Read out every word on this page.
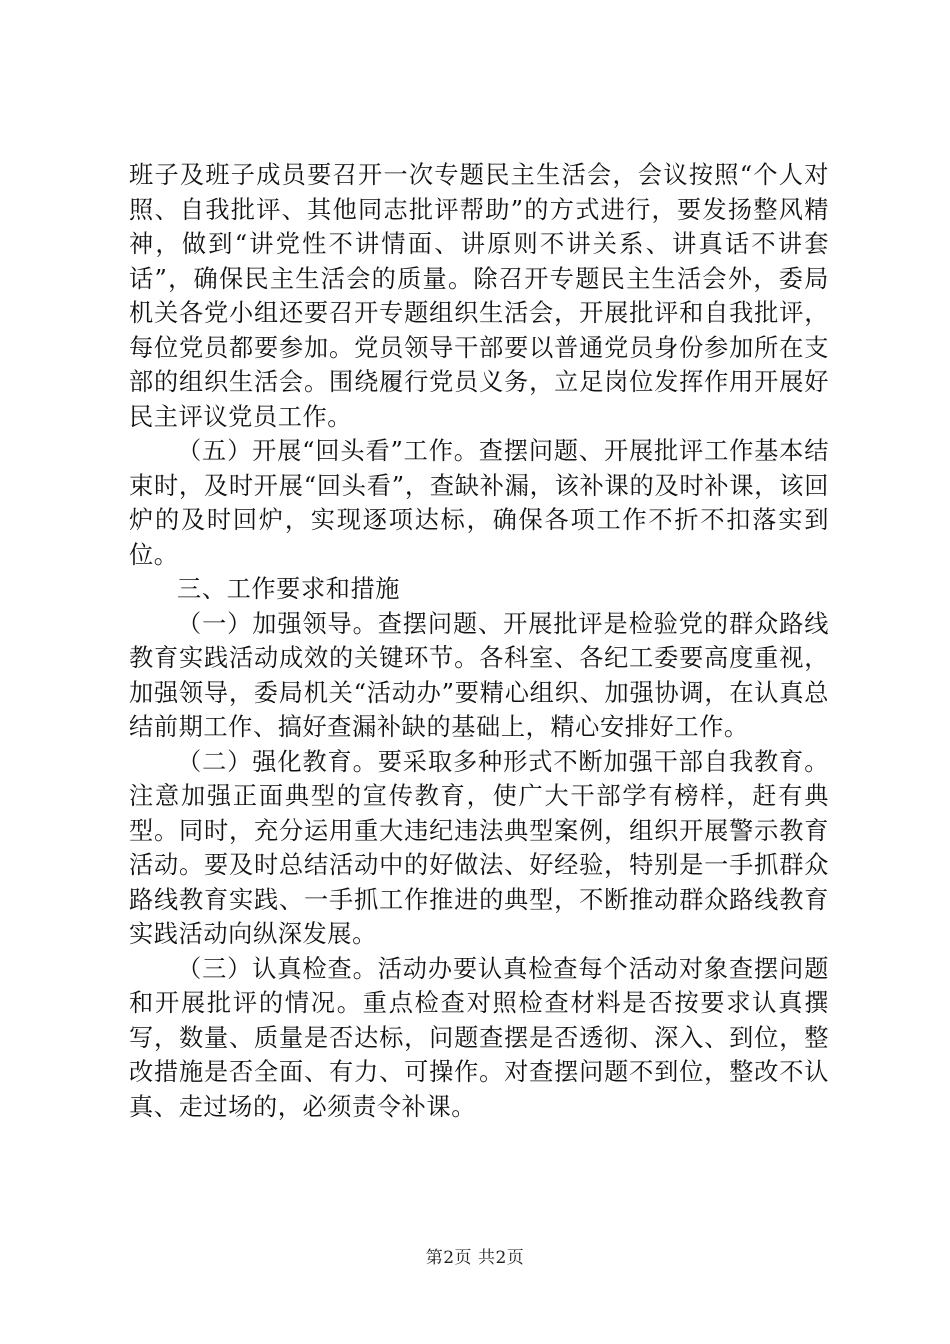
班子及班子成员要召开一次专题民主生活会，会议按照“个人对照、自我批评、其他同志批评帮助”的方式进行，要发扬整风精神，做到“讲党性不讲情面、讲原则不讲关系、讲真话不讲套话”，确保民主生活会的质量。除召开专题民主生活会外，委局机关各党小组还要召开专题组织生活会，开展批评和自我批评，每位党员都要参加。党员领导干部要以普通党员身份参加所在支部的组织生活会。围绕履行党员义务，立足岗位发挥作用开展好民主评议党员工作。

（五）开展“回头看”工作。查摆问题、开展批评工作基本结束时，及时开展“回头看”，查缺补漏，该补课的及时补课，该回炉的及时回炉，实现逐项达标，确保各项工作不折不扣落实到位。

三、工作要求和措施

（一）加强领导。查摆问题、开展批评是检验党的群众路线教育实践活动成效的关键环节。各科室、各纪工委要高度重视，加强领导，委局机关“活动办”要精心组织、加强协调，在认真总结前期工作、搞好查漏补缺的基础上，精心安排好工作。

（二）强化教育。要采取多种形式不断加强干部自我教育。注意加强正面典型的宣传教育，使广大干部学有榜样，赶有典型。同时，充分运用重大违纪违法典型案例，组织开展警示教育活动。要及时总结活动中的好做法、好经验，特别是一手抓群众路线教育实践、一手抓工作推进的典型，不断推动群众路线教育实践活动向纵深发展。

（三）认真检查。活动办要认真检查每个活动对象查摆问题和开展批评的情况。重点检查对照检查材料是否按要求认真撰写，数量、质量是否达标，问题查摆是否透彻、深入、到位，整改措施是否全面、有力、可操作。对查摆问题不到位，整改不认真、走过场的，必须责令补课。

第2页 共2页
